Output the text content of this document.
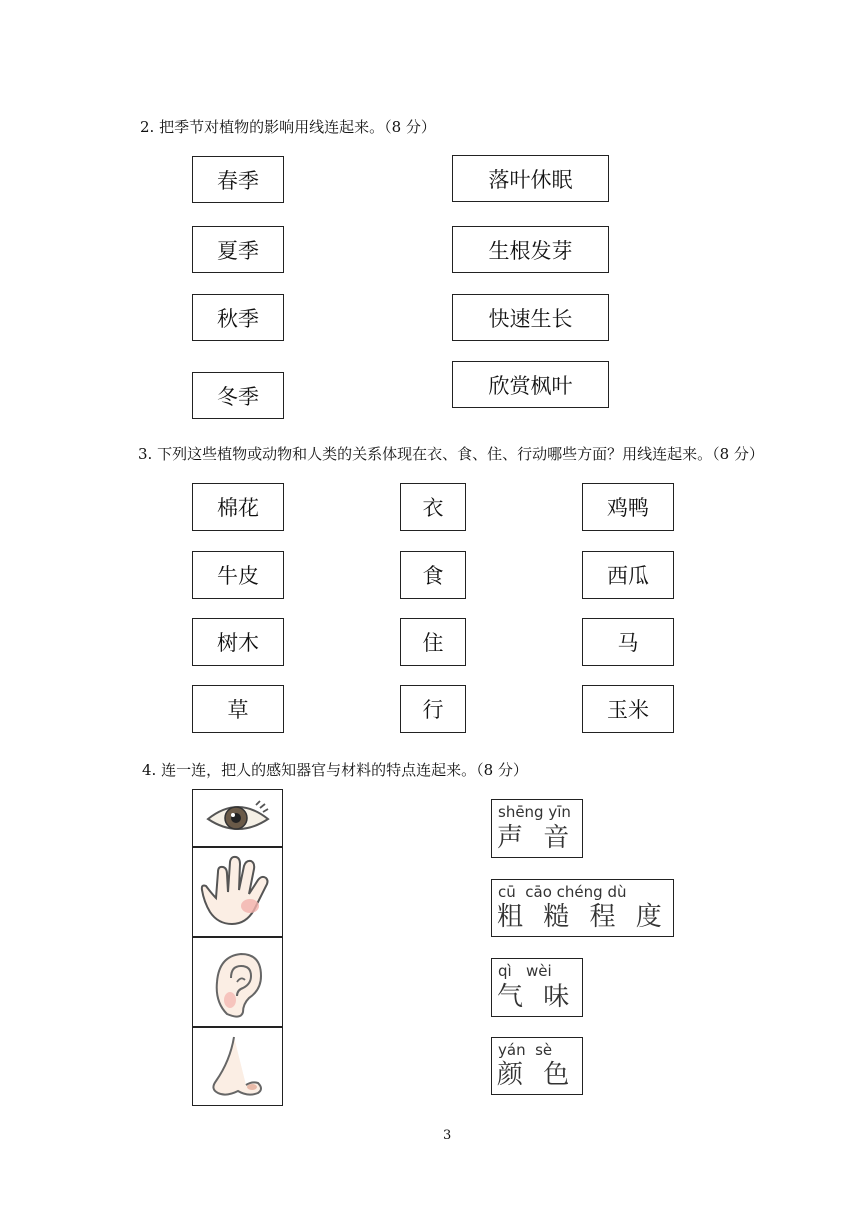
2. 把季节对植物的影响用线连起来。（8 分）
春季
夏季
秋季
冬季
落叶休眠
生根发芽
快速生长
欣赏枫叶
3. 下列这些植物或动物和人类的关系体现在衣、食、住、行动哪些方面？用线连起来。（8 分）
棉花
牛皮
树木
草
衣
食
住
行
鸡鸭
西瓜
马
玉米
4. 连一连，把人的感知器官与材料的特点连起来。（8 分）
shēng yīn
声 音
cū  cāo chéng dù
粗 糙 程 度
qì   wèi
气 味
yán  sè
颜 色
3
